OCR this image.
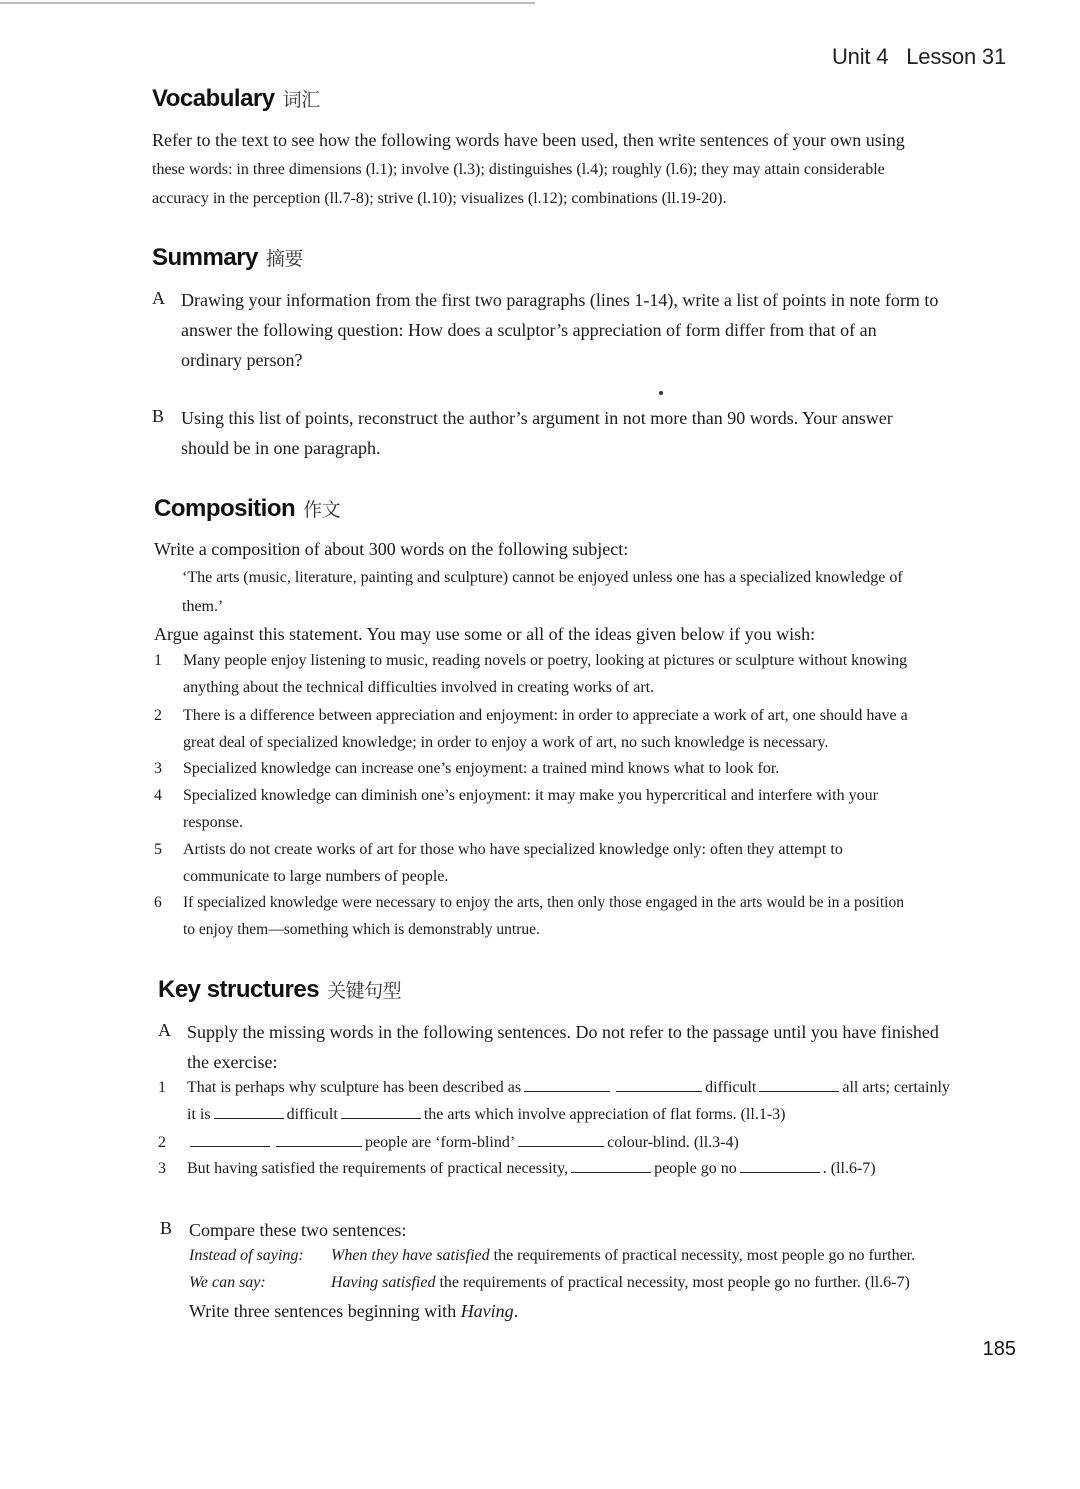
Unit 4 Lesson 31
Vocabulary 词汇
Refer to the text to see how the following words have been used, then write sentences of your own using
these words: in three dimensions (l.1); involve (l.3); distinguishes (l.4); roughly (l.6); they may attain considerable
accuracy in the perception (ll.7-8); strive (l.10); visualizes (l.12); combinations (ll.19-20).
Summary 摘要
A Drawing your information from the first two paragraphs (lines 1-14), write a list of points in note form to
answer the following question: How does a sculptor’s appreciation of form differ from that of an
ordinary person?
B Using this list of points, reconstruct the author’s argument in not more than 90 words. Your answer
should be in one paragraph.
Composition 作文
Write a composition of about 300 words on the following subject:
‘The arts (music, literature, painting and sculpture) cannot be enjoyed unless one has a specialized knowledge of
them.’
Argue against this statement. You may use some or all of the ideas given below if you wish:
1	Many people enjoy listening to music, reading novels or poetry, looking at pictures or sculpture without knowing
anything about the technical difficulties involved in creating works of art.
2	There is a difference between appreciation and enjoyment: in order to appreciate a work of art, one should have a
great deal of specialized knowledge; in order to enjoy a work of art, no such knowledge is necessary.
3	Specialized knowledge can increase one’s enjoyment: a trained mind knows what to look for.
4	Specialized knowledge can diminish one’s enjoyment: it may make you hypercritical and interfere with your
response.
5	Artists do not create works of art for those who have specialized knowledge only: often they attempt to
communicate to large numbers of people.
6	If specialized knowledge were necessary to enjoy the arts, then only those engaged in the arts would be in a position
to enjoy them—something which is demonstrably untrue.
Key structures 关键句型
A Supply the missing words in the following sentences. Do not refer to the passage until you have finished
the exercise:
1	That is perhaps why sculpture has been described as	difficult	all arts; certainly
it is	difficult	the arts which involve appreciation of flat forms. (ll.1-3)
2	people are ‘form-blind’	colour-blind. (ll.3-4)
3	But having satisfied the requirements of practical necessity,	people go no	. (ll.6-7)
B Compare these two sentences:
Instead of saying: When they have satisfied the requirements of practical necessity, most people go no further.
We can say:	Having satisfied the requirements of practical necessity, most people go no further. (ll.6-7)
Write three sentences beginning with Having.
185
